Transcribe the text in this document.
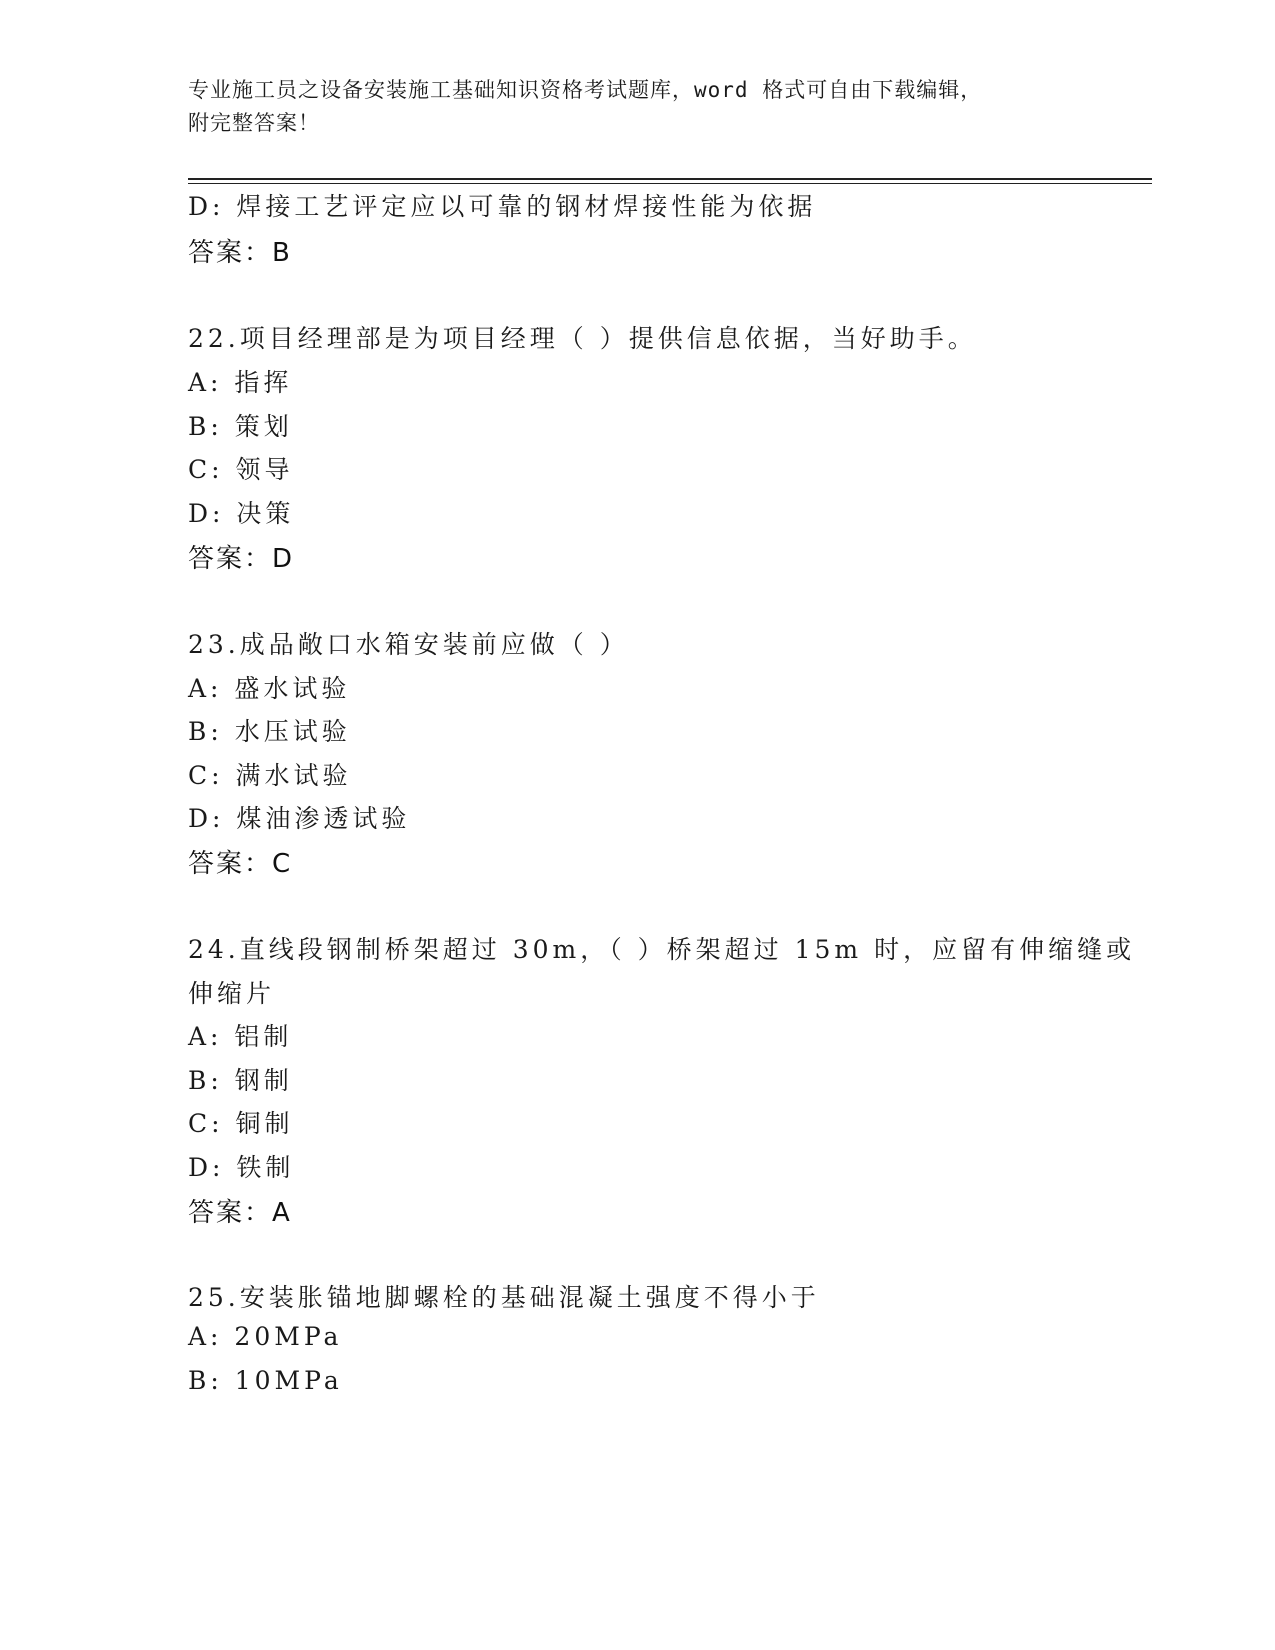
专业施工员之设备安装施工基础知识资格考试题库，word 格式可自由下载编辑，
附完整答案！
D: 焊接工艺评定应以可靠的钢材焊接性能为依据
答案：B
22.项目经理部是为项目经理（ ）提供信息依据，当好助手。
A: 指挥
B: 策划
C: 领导
D: 决策
答案：D
23.成品敞口水箱安装前应做（ ）
A: 盛水试验
B: 水压试验
C: 满水试验
D: 煤油渗透试验
答案：C
24.直线段钢制桥架超过 30m，（ ）桥架超过 15m 时，应留有伸缩缝或
伸缩片
A: 铝制
B: 钢制
C: 铜制
D: 铁制
答案：A
25.安装胀锚地脚螺栓的基础混凝土强度不得小于
A: 20MPa
B: 10MPa
